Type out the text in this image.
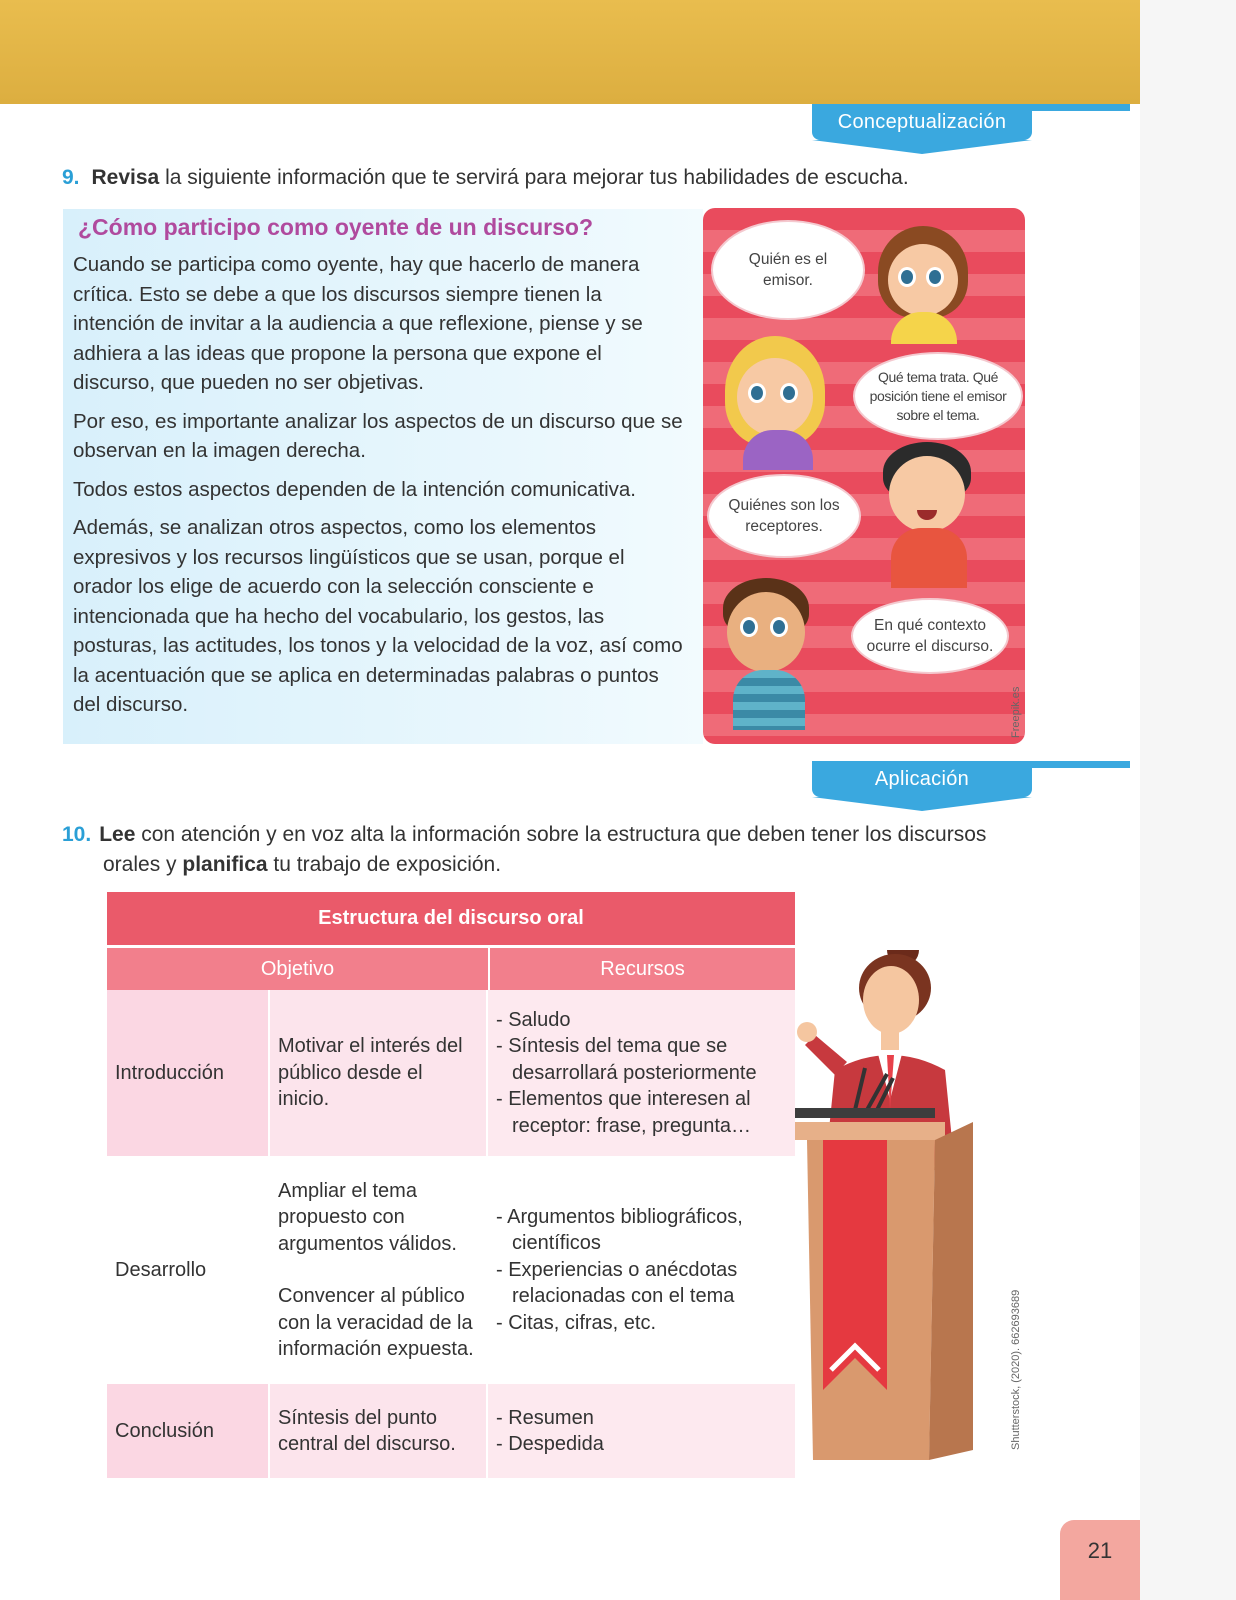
Conceptualización
9. Revisa la siguiente información que te servirá para mejorar tus habilidades de escucha.
¿Cómo participo como oyente de un discurso?

Cuando se participa como oyente, hay que hacerlo de manera crítica. Esto se debe a que los discursos siempre tienen la intención de invitar a la audiencia a que reflexione, piense y se adhiera a las ideas que propone la persona que expone el discurso, que pueden no ser objetivas.

Por eso, es importante analizar los aspectos de un discurso que se observan en la imagen derecha.

Todos estos aspectos dependen de la intención comunicativa.

Además, se analizan otros aspectos, como los elementos expresivos y los recursos lingüísticos que se usan, porque el orador los elige de acuerdo con la selección consciente e intencionada que ha hecho del vocabulario, los gestos, las posturas, las actitudes, los tonos y la velocidad de la voz, así como la acentuación que se aplica en determinadas palabras o puntos del discurso.

Quién es el emisor.
Qué tema trata. Qué posición tiene el emisor sobre el tema.
Quiénes son los receptores.
En qué contexto ocurre el discurso.
Freepik.es
Aplicación
10. Lee con atención y en voz alta la información sobre la estructura que deben tener los discursos
orales y planifica tu trabajo de exposición.
Estructura del discurso oral
Objetivo	Recursos
Introducción
Motivar el interés del público desde el inicio.
- Saludo
- Síntesis del tema que se desarrollará posteriormente
- Elementos que interesen al receptor: frase, pregunta…
Desarrollo
Ampliar el tema propuesto con argumentos válidos.
Convencer al público con la veracidad de la información expuesta.
- Argumentos bibliográficos, científicos
- Experiencias o anécdotas relacionadas con el tema
- Citas, cifras, etc.
Conclusión
Síntesis del punto central del discurso.
- Resumen
- Despedida	Shutterstock, (2020). 662693689
21
